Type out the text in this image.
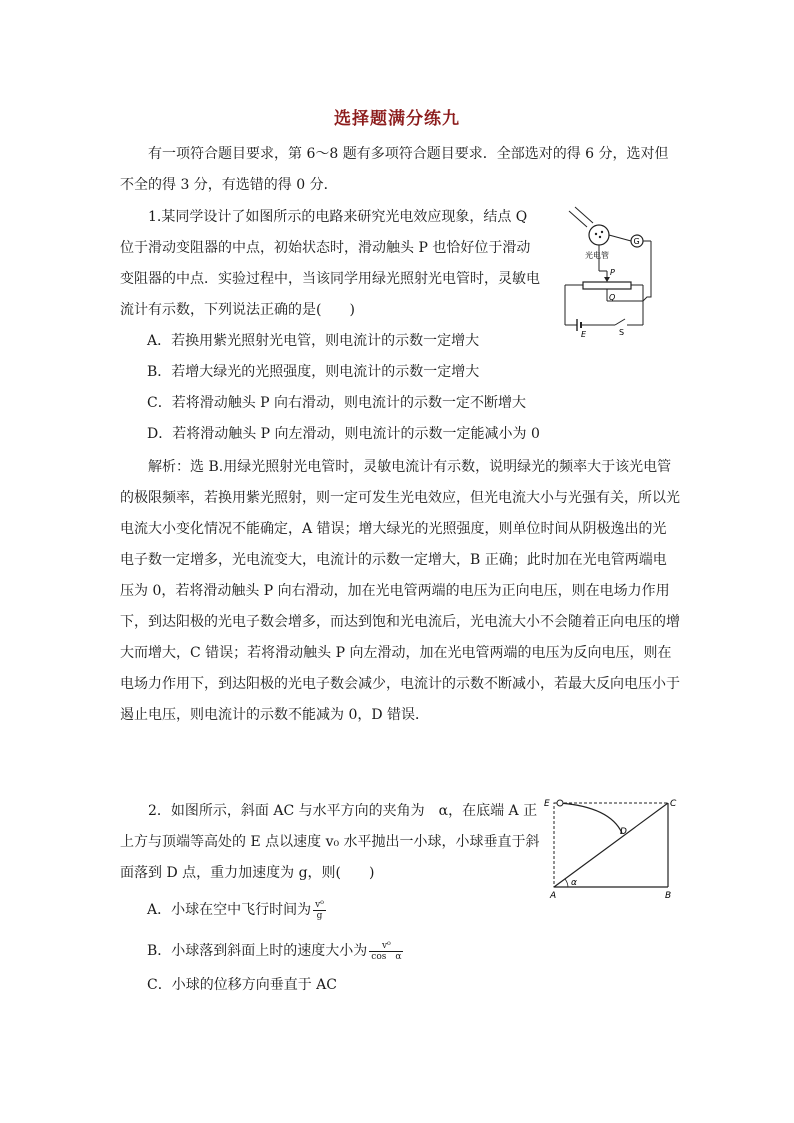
选择题满分练九

有一项符合题目要求，第 6～8 题有多项符合题目要求．全部选对的得 6 分，选对但不全的得 3 分，有选错的得 0 分．

1.某同学设计了如图所示的电路来研究光电效应现象，结点 Q 位于滑动变阻器的中点，初始状态时，滑动触头 P 也恰好位于滑动变阻器的中点．实验过程中，当该同学用绿光照射光电管时，灵敏电流计有示数，下列说法正确的是(　　)

光电管
G
P
Q
E	S
A．若换用紫光照射光电管，则电流计的示数一定增大
B．若增大绿光的光照强度，则电流计的示数一定增大
C．若将滑动触头 P 向右滑动，则电流计的示数一定不断增大
D．若将滑动触头 P 向左滑动，则电流计的示数一定能减小为 0

解析：选 B.用绿光照射光电管时，灵敏电流计有示数，说明绿光的频率大于该光电管的极限频率，若换用紫光照射，则一定可发生光电效应，但光电流大小与光强有关，所以光电流大小变化情况不能确定，A 错误；增大绿光的光照强度，则单位时间从阴极逸出的光电子数一定增多，光电流变大，电流计的示数一定增大，B 正确；此时加在光电管两端电压为 0，若将滑动触头 P 向右滑动，加在光电管两端的电压为正向电压，则在电场力作用下，到达阳极的光电子数会增多，而达到饱和光电流后，光电流大小不会随着正向电压的增大而增大，C 错误；若将滑动触头 P 向左滑动，加在光电管两端的电压为反向电压，则在电场力作用下，到达阳极的光电子数会减少，电流计的示数不断减小，若最大反向电压小于遏止电压，则电流计的示数不能减为 0，D 错误．

2．如图所示，斜面 AC 与水平方向的夹角为　α，在底端 A 正上方与顶端等高处的 E 点以速度 v₀ 水平抛出一小球，小球垂直于斜面落到 D 点，重力加速度为 g，则(　　)

E	C
D
A	B
α
A．小球在空中飞行时间为 $\frac{\text{v⁰}}{g}$
B．小球落到斜面上时的速度大小为 $\frac{\text{v⁰}}{\text{cos　α}}$
C．小球的位移方向垂直于 AC
